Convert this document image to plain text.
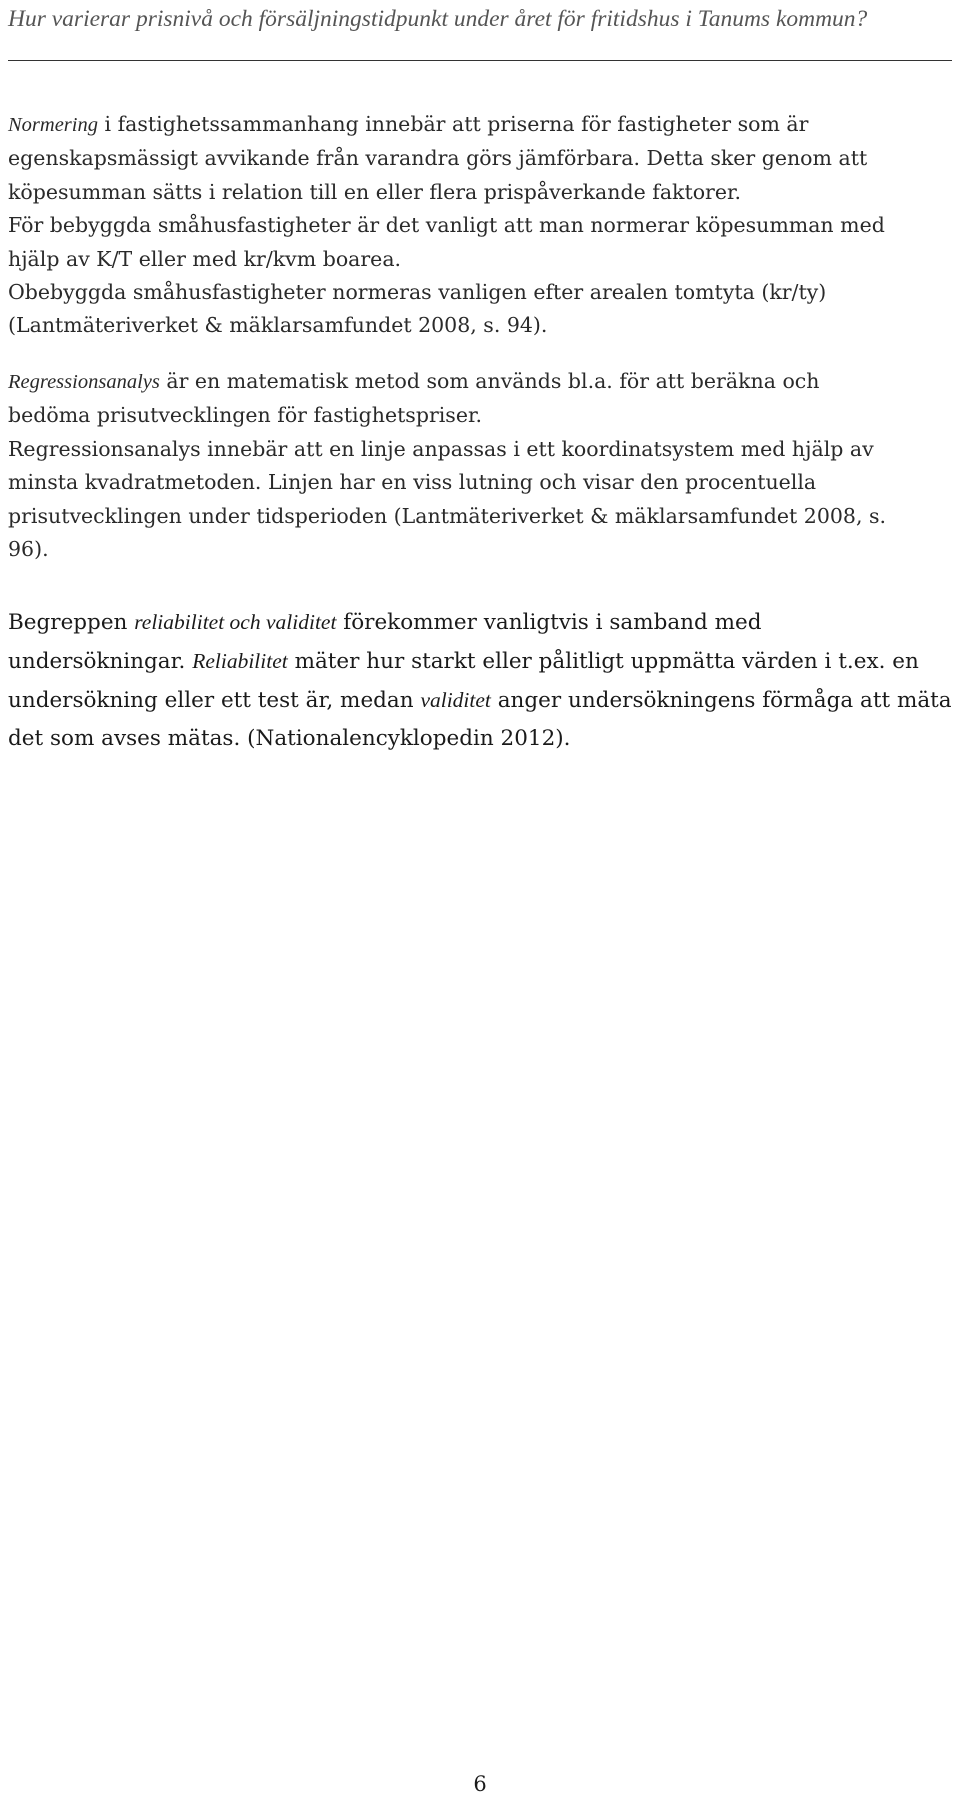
Hur varierar prisnivå och försäljningstidpunkt under året för fritidshus i Tanums kommun?
Normering i fastighetssammanhang innebär att priserna för fastigheter som är
egenskapsmässigt avvikande från varandra görs jämförbara. Detta sker genom att
köpesumman sätts i relation till en eller flera prispåverkande faktorer.
För bebyggda småhusfastigheter är det vanligt att man normerar köpesumman med
hjälp av K/T eller med kr/kvm boarea.
Obebyggda småhusfastigheter normeras vanligen efter arealen tomtyta (kr/ty)
(Lantmäteriverket & mäklarsamfundet 2008, s. 94).
Regressionsanalys är en matematisk metod som används bl.a. för att beräkna och
bedöma prisutvecklingen för fastighetspriser.
Regressionsanalys innebär att en linje anpassas i ett koordinatsystem med hjälp av
minsta kvadratmetoden. Linjen har en viss lutning och visar den procentuella
prisutvecklingen under tidsperioden (Lantmäteriverket & mäklarsamfundet 2008, s.
96).
Begreppen reliabilitet och validitet förekommer vanligtvis i samband med
undersökningar. Reliabilitet mäter hur starkt eller pålitligt uppmätta värden i t.ex. en
undersökning eller ett test är, medan validitet anger undersökningens förmåga att mäta
det som avses mätas. (Nationalencyklopedin 2012).
6
